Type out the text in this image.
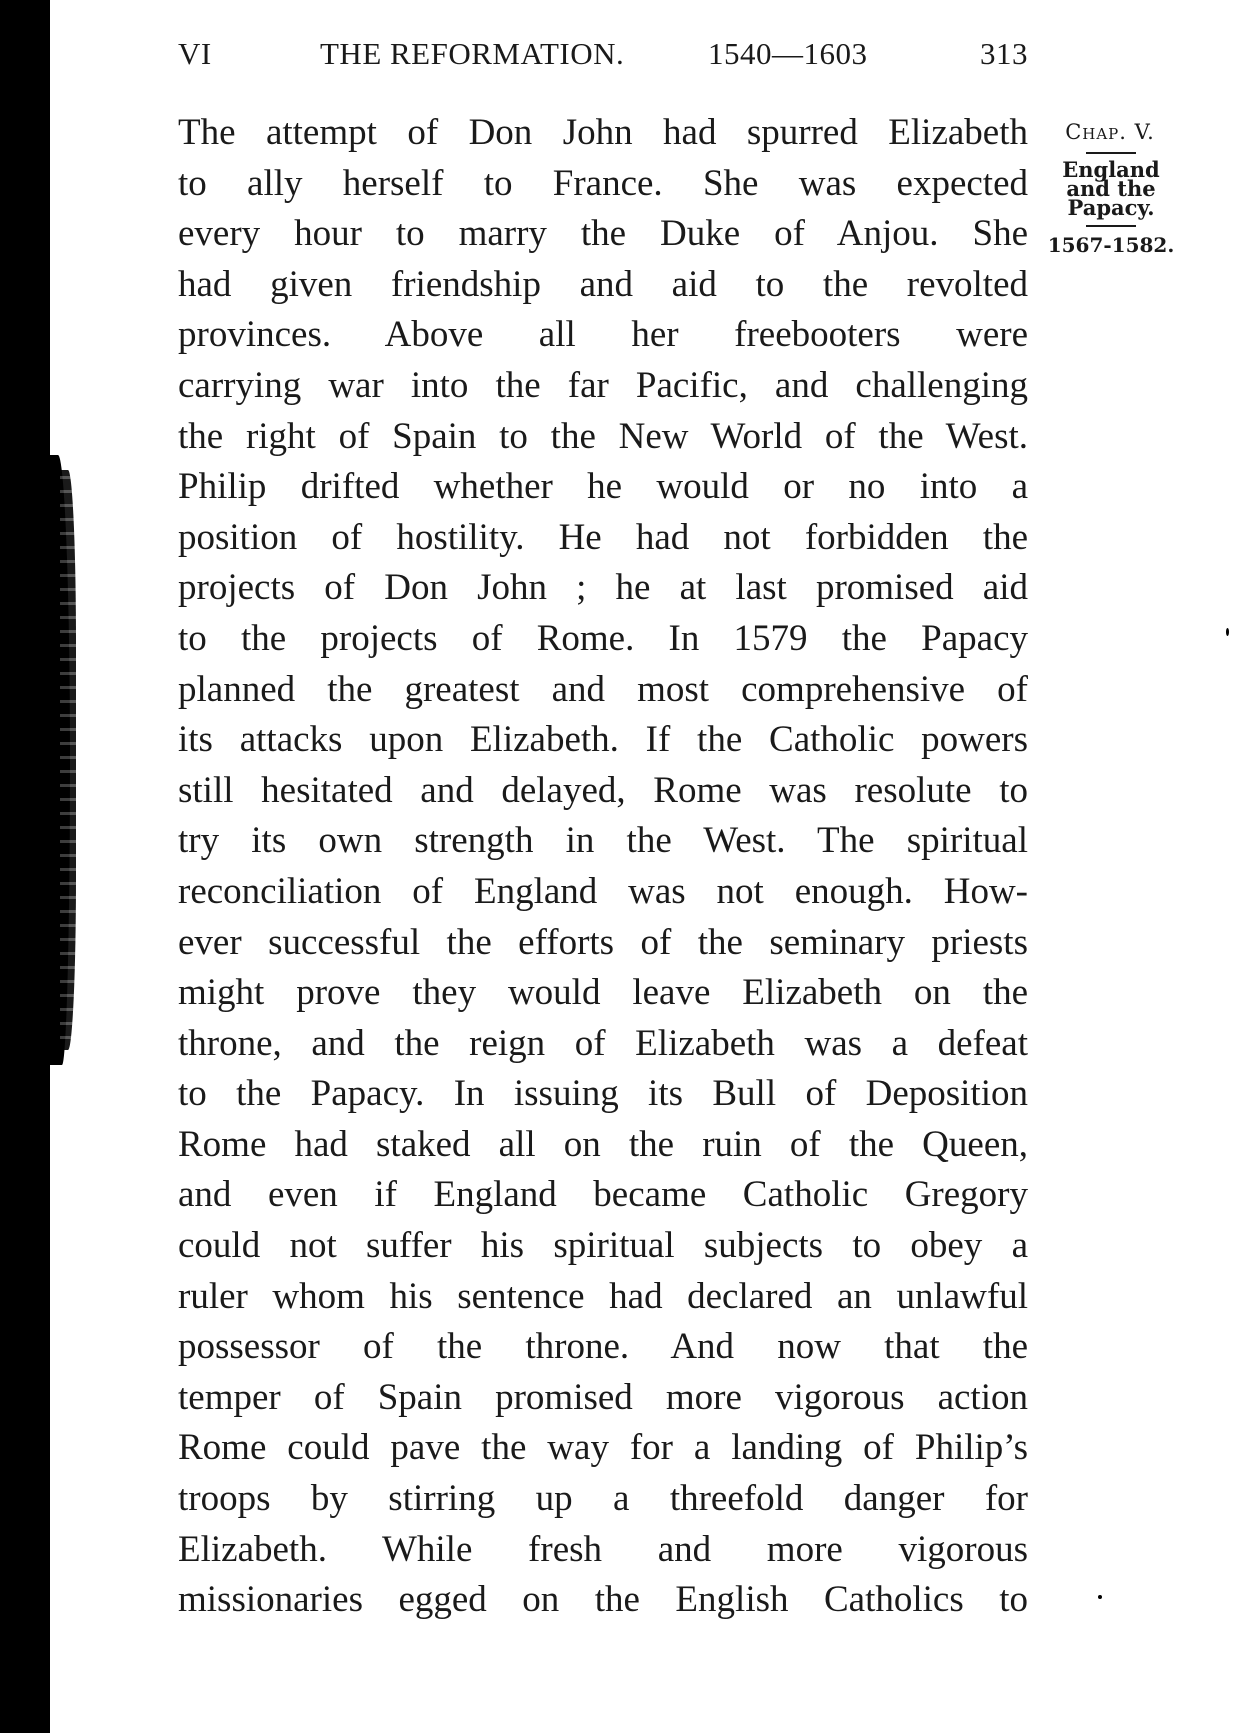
VI	THE REFORMATION.	1540—1603	313
The attempt of Don John had spurred Elizabeth
to ally herself to France. She was expected
every hour to marry the Duke of Anjou. She
had given friendship and aid to the revolted
provinces. Above all her freebooters were
carrying war into the far Pacific, and challenging
the right of Spain to the New World of the West.
Philip drifted whether he would or no into a
position of hostility. He had not forbidden the
projects of Don John ; he at last promised aid
to the projects of Rome. In 1579 the Papacy
planned the greatest and most comprehensive of
its attacks upon Elizabeth. If the Catholic powers
still hesitated and delayed, Rome was resolute to
try its own strength in the West. The spiritual
reconciliation of England was not enough. How-
ever successful the efforts of the seminary priests
might prove they would leave Elizabeth on the
throne, and the reign of Elizabeth was a defeat
to the Papacy. In issuing its Bull of Deposition
Rome had staked all on the ruin of the Queen,
and even if England became Catholic Gregory
could not suffer his spiritual subjects to obey a
ruler whom his sentence had declared an unlawful
possessor of the throne. And now that the
temper of Spain promised more vigorous action
Rome could pave the way for a landing of Philip’s
troops by stirring up a threefold danger for
Elizabeth. While fresh and more vigorous
missionaries egged on the English Catholics to
Chap. V.
England
and the
Papacy.
1567-1582.
